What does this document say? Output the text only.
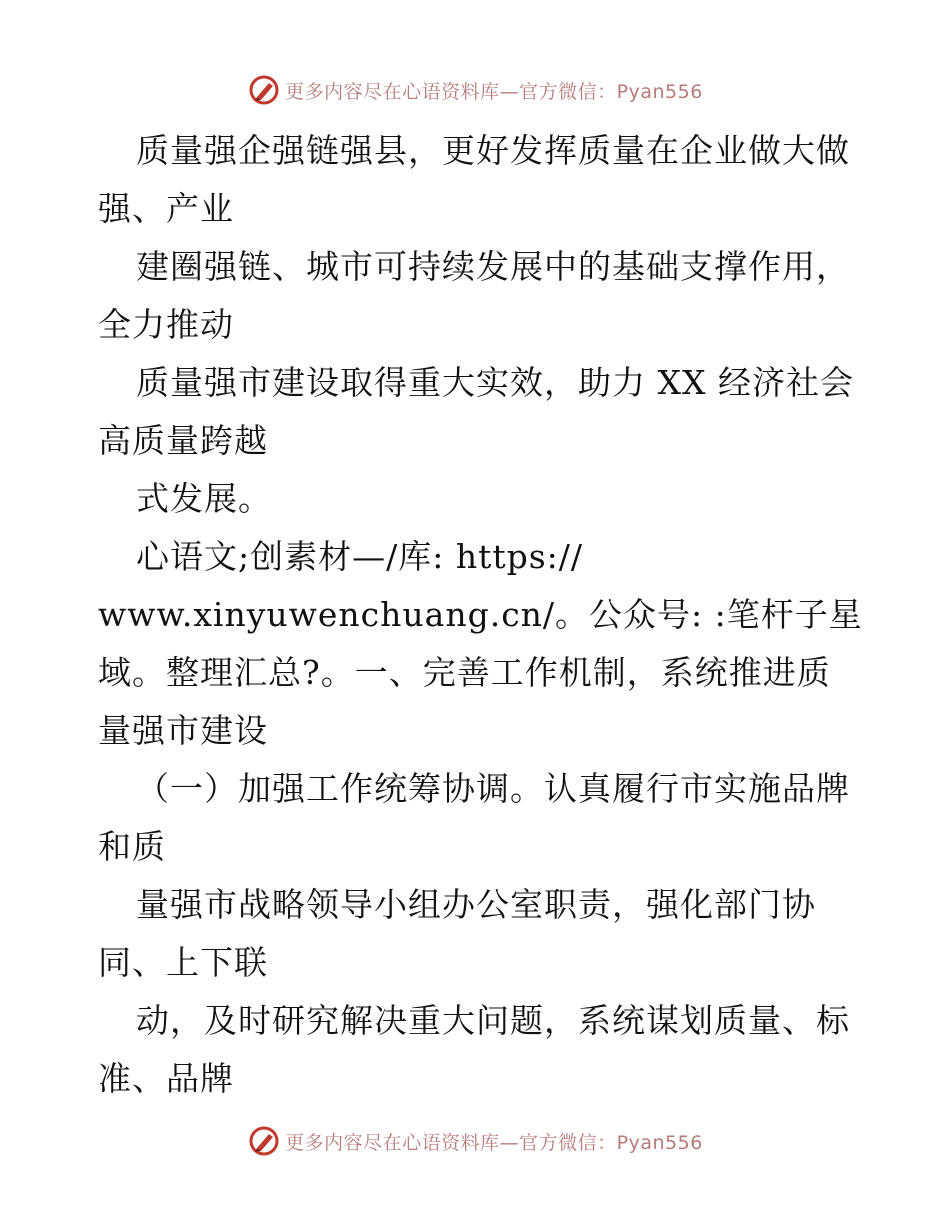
更多内容尽在心语资料库—官方微信：Pyan556
质量强企强链强县，更好发挥质量在企业做大做
强、产业
建圈强链、城市可持续发展中的基础支撑作用，
全力推动
质量强市建设取得重大实效，助力 XX 经济社会
高质量跨越
式发展。
心语文;创素材—/库: https://
www.xinyuwenchuang.cn/。公众号: :笔杆子星
域。整理汇总?。一、完善工作机制，系统推进质
量强市建设
（一）加强工作统筹协调。认真履行市实施品牌
和质
量强市战略领导小组办公室职责，强化部门协
同、上下联
动，及时研究解决重大问题，系统谋划质量、标
准、品牌
更多内容尽在心语资料库—官方微信：Pyan556
